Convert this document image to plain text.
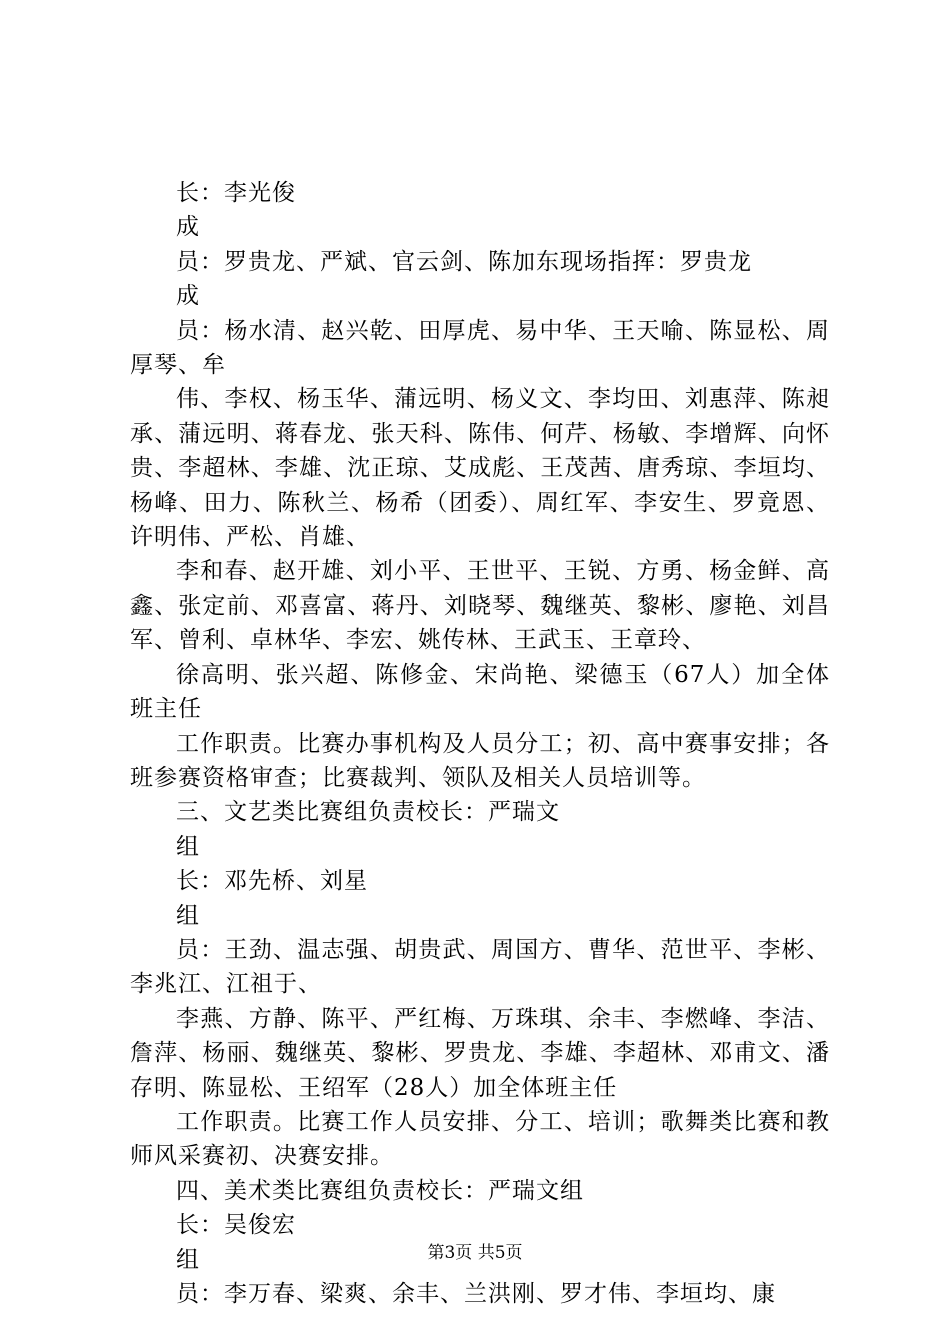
长：李光俊

成

员：罗贵龙、严斌、官云剑、陈加东现场指挥：罗贵龙

成

员：杨水清、赵兴乾、田厚虎、易中华、王天喻、陈显松、周厚琴、牟

伟、李权、杨玉华、蒲远明、杨义文、李均田、刘惠萍、陈昶承、蒲远明、蒋春龙、张天科、陈伟、何芹、杨敏、李增辉、向怀贵、李超林、李雄、沈正琼、艾成彪、王茂茜、唐秀琼、李垣均、杨峰、田力、陈秋兰、杨希（团委）、周红军、李安生、罗竟恩、许明伟、严松、肖雄、

李和春、赵开雄、刘小平、王世平、王锐、方勇、杨金鲜、高鑫、张定前、邓喜富、蒋丹、刘晓琴、魏继英、黎彬、廖艳、刘昌军、曾利、卓林华、李宏、姚传林、王武玉、王章玲、

徐高明、张兴超、陈修金、宋尚艳、梁德玉（67人）加全体班主任

工作职责。比赛办事机构及人员分工；初、高中赛事安排；各班参赛资格审查；比赛裁判、领队及相关人员培训等。

三、文艺类比赛组负责校长：严瑞文

组

长：邓先桥、刘星

组

员：王劲、温志强、胡贵武、周国方、曹华、范世平、李彬、李兆江、江祖于、

李燕、方静、陈平、严红梅、万珠琪、余丰、李燃峰、李洁、詹萍、杨丽、魏继英、黎彬、罗贵龙、李雄、李超林、邓甫文、潘存明、陈显松、王绍军（28人）加全体班主任

工作职责。比赛工作人员安排、分工、培训；歌舞类比赛和教师风采赛初、决赛安排。

四、美术类比赛组负责校长：严瑞文组

长：吴俊宏

组

员：李万春、梁爽、余丰、兰洪刚、罗才伟、李垣均、康

第3页 共5页
